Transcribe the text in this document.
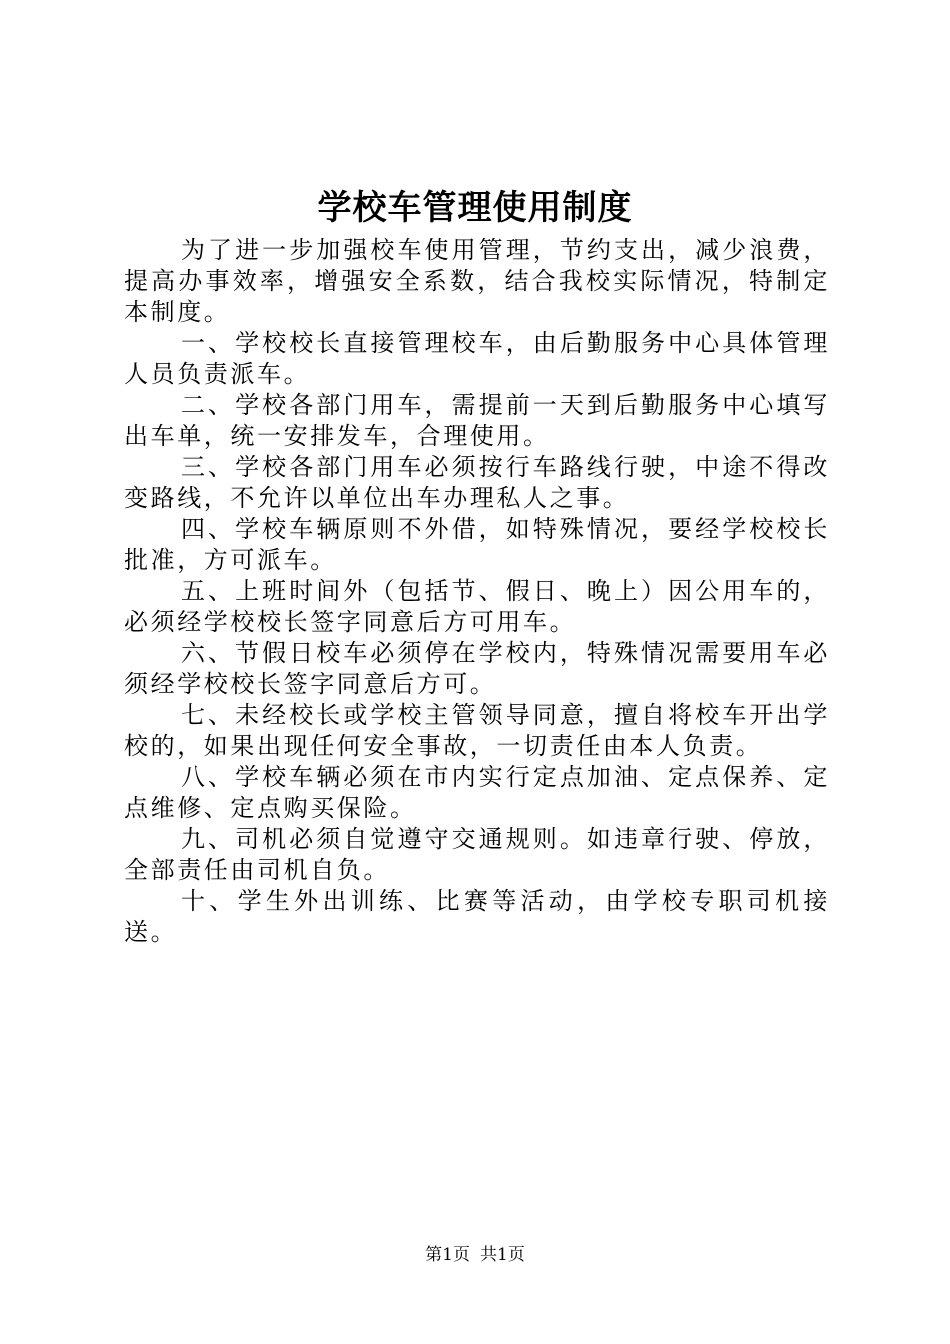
学校车管理使用制度

为了进一步加强校车使用管理，节约支出，减少浪费，提高办事效率，增强安全系数，结合我校实际情况，特制定本制度。

一、学校校长直接管理校车，由后勤服务中心具体管理人员负责派车。

二、学校各部门用车，需提前一天到后勤服务中心填写出车单，统一安排发车，合理使用。

三、学校各部门用车必须按行车路线行驶，中途不得改变路线，不允许以单位出车办理私人之事。

四、学校车辆原则不外借，如特殊情况，要经学校校长批准，方可派车。

五、上班时间外（包括节、假日、晚上）因公用车的，必须经学校校长签字同意后方可用车。

六、节假日校车必须停在学校内，特殊情况需要用车必须经学校校长签字同意后方可。

七、未经校长或学校主管领导同意，擅自将校车开出学校的，如果出现任何安全事故，一切责任由本人负责。

八、学校车辆必须在市内实行定点加油、定点保养、定点维修、定点购买保险。

九、司机必须自觉遵守交通规则。如违章行驶、停放，全部责任由司机自负。

十、学生外出训练、比赛等活动，由学校专职司机接送。

第1页 共1页
